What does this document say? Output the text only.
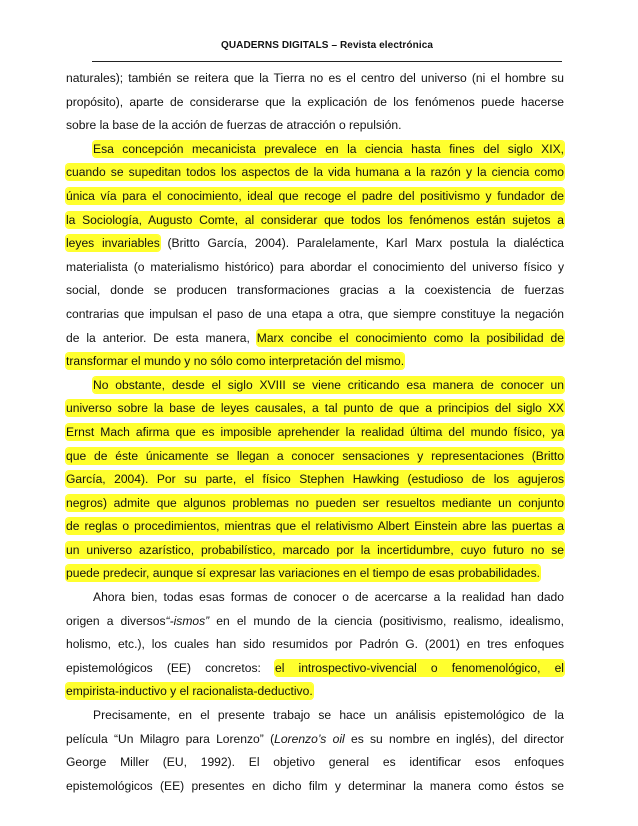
QUADERNS DIGITALS – Revista electrónica
naturales); también se reitera que la Tierra no es el centro del universo (ni el hombre su
propósito), aparte de considerarse que la explicación de los fenómenos puede hacerse
sobre la base de la acción de fuerzas de atracción o repulsión.
Esa concepción mecanicista prevalece en la ciencia hasta fines del siglo XIX,
cuando se supeditan todos los aspectos de la vida humana a la razón y la ciencia como
única vía para el conocimiento, ideal que recoge el padre del positivismo y fundador de
la Sociología, Augusto Comte, al considerar que todos los fenómenos están sujetos a
leyes invariables (Britto García, 2004). Paralelamente, Karl Marx postula la dialéctica
materialista (o materialismo histórico) para abordar el conocimiento del universo físico y
social, donde se producen transformaciones gracias a la coexistencia de fuerzas
contrarias que impulsan el paso de una etapa a otra, que siempre constituye la negación
de la anterior. De esta manera, Marx concibe el conocimiento como la posibilidad de
transformar el mundo y no sólo como interpretación del mismo.
No obstante, desde el siglo XVIII se viene criticando esa manera de conocer un
universo sobre la base de leyes causales, a tal punto de que a principios del siglo XX
Ernst Mach afirma que es imposible aprehender la realidad última del mundo físico, ya
que de éste únicamente se llegan a conocer sensaciones y representaciones (Britto
García, 2004). Por su parte, el físico Stephen Hawking (estudioso de los agujeros
negros) admite que algunos problemas no pueden ser resueltos mediante un conjunto
de reglas o procedimientos, mientras que el relativismo Albert Einstein abre las puertas a
un universo azarístico, probabilístico, marcado por la incertidumbre, cuyo futuro no se
puede predecir, aunque sí expresar las variaciones en el tiempo de esas probabilidades.
Ahora bien, todas esas formas de conocer o de acercarse a la realidad han dado
origen a diversos“-ismos” en el mundo de la ciencia (positivismo, realismo, idealismo,
holismo, etc.), los cuales han sido resumidos por Padrón G. (2001) en tres enfoques
epistemológicos (EE) concretos: el introspectivo-vivencial o fenomenológico, el
empirista-inductivo y el racionalista-deductivo.
Precisamente, en el presente trabajo se hace un análisis epistemológico de la
película “Un Milagro para Lorenzo” (Lorenzo’s oil es su nombre en inglés), del director
George Miller (EU, 1992). El objetivo general es identificar esos enfoques
epistemológicos (EE) presentes en dicho film y determinar la manera como éstos se
